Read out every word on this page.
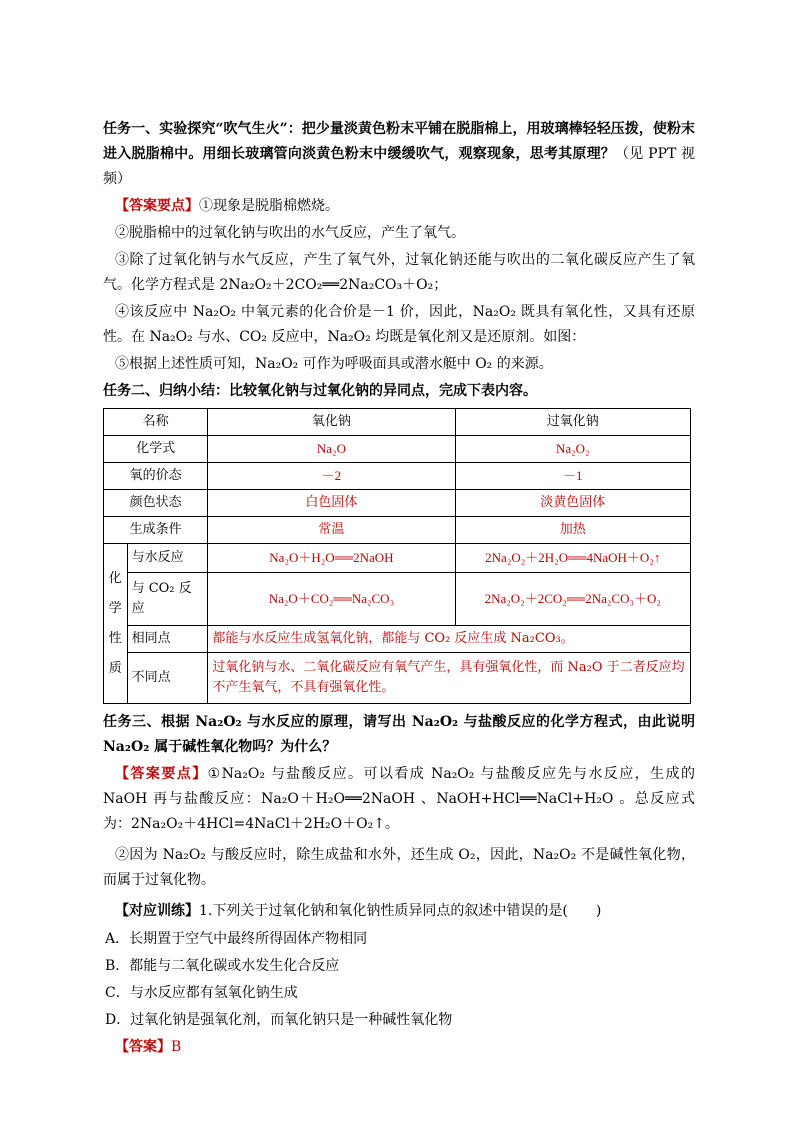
任务一、实验探究“吹气生火”：把少量淡黄色粉末平铺在脱脂棉上，用玻璃棒轻轻压拨，使粉末进入脱脂棉中。用细长玻璃管向淡黄色粉末中缓缓吹气，观察现象，思考其原理？（见 PPT 视频）

【答案要点】①现象是脱脂棉燃烧。

②脱脂棉中的过氧化钠与吹出的水气反应，产生了氧气。

③除了过氧化钠与水气反应，产生了氧气外，过氧化钠还能与吹出的二氧化碳反应产生了氧气。化学方程式是 2Na₂O₂＋2CO₂══2Na₂CO₃＋O₂；

④该反应中 Na₂O₂ 中氧元素的化合价是－1 价，因此，Na₂O₂ 既具有氧化性，又具有还原性。在 Na₂O₂ 与水、CO₂ 反应中，Na₂O₂ 均既是氧化剂又是还原剂。如图：

⑤根据上述性质可知，Na₂O₂ 可作为呼吸面具或潜水艇中 O₂ 的来源。

任务二、归纳小结：比较氧化钠与过氧化钠的异同点，完成下表内容。

名称		氧化钠	过氧化钠
化学式		Na₂O	Na₂O₂
氧的价态		－2	－1
颜色状态		白色固体	淡黄色固体
生成条件		常温	加热
化学性质	与水反应	Na₂O＋H₂O══2NaOH	2Na₂O₂＋2H₂O══4NaOH＋O₂↑
	与 CO₂ 反应	Na₂O＋CO₂══Na₂CO₃	2Na₂O₂＋2CO₂══2Na₂CO₃＋O₂
	相同点	都能与水反应生成氢氧化钠，都能与 CO₂ 反应生成 Na₂CO₃。	
	不同点	过氧化钠与水、二氧化碳反应有氧气产生，具有强氧化性，而 Na₂O 于二者反应均不产生氧气，不具有强氧化性。	

任务三、根据 Na₂O₂ 与水反应的原理，请写出 Na₂O₂ 与盐酸反应的化学方程式，由此说明 Na₂O₂ 属于碱性氧化物吗？为什么？

【答案要点】①Na₂O₂ 与盐酸反应。可以看成 Na₂O₂ 与盐酸反应先与水反应，生成的 NaOH 再与盐酸反应：Na₂O＋H₂O══2NaOH 、NaOH+HCl══NaCl+H₂O 。总反应式为：2Na₂O₂＋4HCl=4NaCl＋2H₂O＋O₂↑。

②因为 Na₂O₂ 与酸反应时，除生成盐和水外，还生成 O₂，因此，Na₂O₂ 不是碱性氧化物，而属于过氧化物。

【对应训练】1.下列关于过氧化钠和氧化钠性质异同点的叙述中错误的是(　　)

A．长期置于空气中最终所得固体产物相同

B．都能与二氧化碳或水发生化合反应

C．与水反应都有氢氧化钠生成

D．过氧化钠是强氧化剂，而氧化钠只是一种碱性氧化物

【答案】B
